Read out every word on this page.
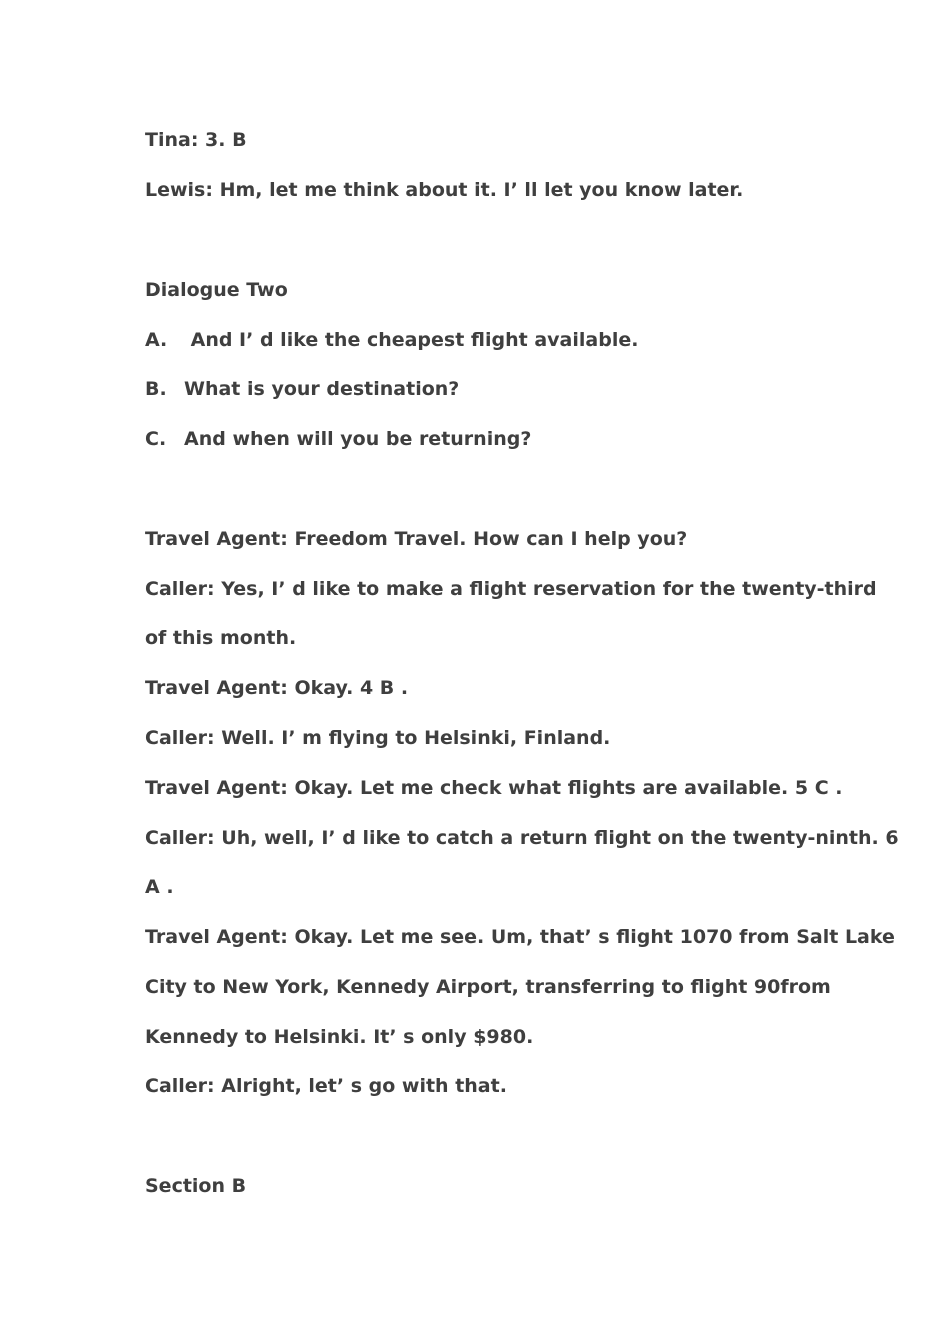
Tina: 3. B
Lewis: Hm, let me think about it. I’ ll let you know later.
Dialogue Two
A. And I’ d like the cheapest flight available.
B. What is your destination?
C. And when will you be returning?
Travel Agent: Freedom Travel. How can I help you?
Caller: Yes, I’ d like to make a flight reservation for the twenty-third
of this month.
Travel Agent: Okay. 4 B .
Caller: Well. I’ m flying to Helsinki, Finland.
Travel Agent: Okay. Let me check what flights are available. 5 C .
Caller: Uh, well, I’ d like to catch a return flight on the twenty-ninth. 6
A .
Travel Agent: Okay. Let me see. Um, that’ s flight 1070 from Salt Lake
City to New York, Kennedy Airport, transferring to flight 90from
Kennedy to Helsinki. It’ s only $980.
Caller: Alright, let’ s go with that.
Section B
